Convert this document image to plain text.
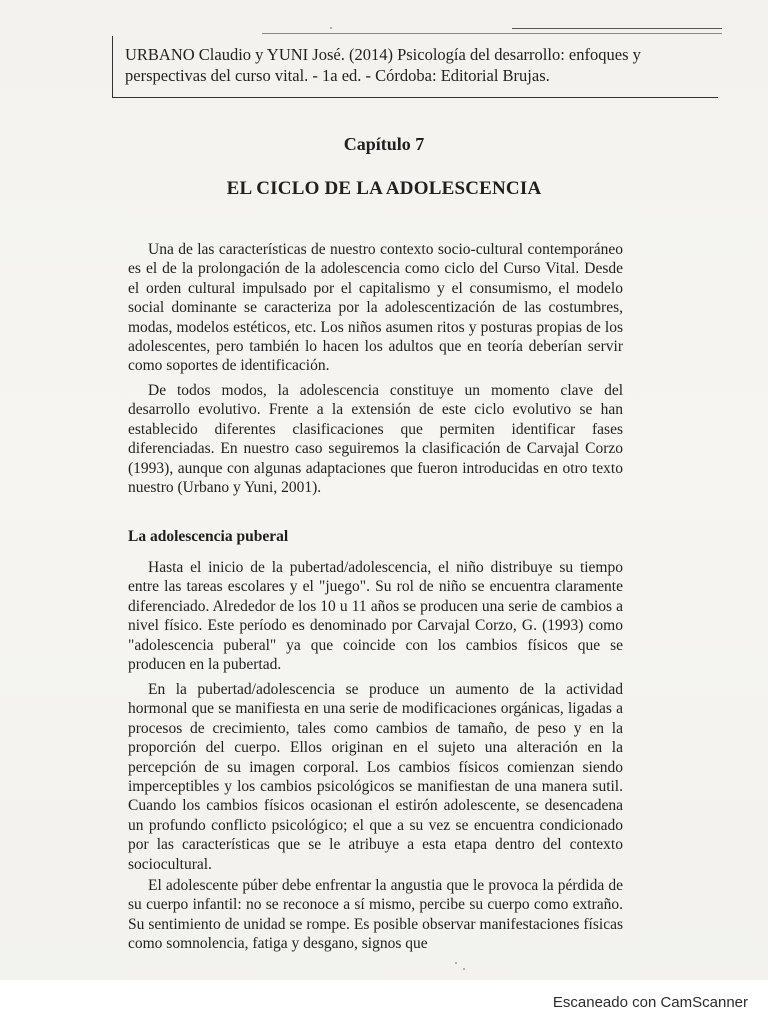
URBANO Claudio y YUNI José. (2014) Psicología del desarrollo: enfoques y perspectivas del curso vital. - 1a ed. - Córdoba: Editorial Brujas.
Capítulo 7
EL CICLO DE LA ADOLESCENCIA

Una de las características de nuestro contexto socio-cultural contemporáneo es el de la prolongación de la adolescencia como ciclo del Curso Vital. Desde el orden cultural impulsado por el capitalismo y el consumismo, el modelo social dominante se caracteriza por la adolescentización de las costumbres, modas, modelos estéticos, etc. Los niños asumen ritos y posturas propias de los adolescentes, pero también lo hacen los adultos que en teoría deberían servir como soportes de identificación.

De todos modos, la adolescencia constituye un momento clave del desarrollo evolutivo. Frente a la extensión de este ciclo evolutivo se han establecido diferentes clasificaciones que permiten identificar fases diferenciadas. En nuestro caso seguiremos la clasificación de Carvajal Corzo (1993), aunque con algunas adaptaciones que fueron introducidas en otro texto nuestro (Urbano y Yuni, 2001).

La adolescencia puberal

Hasta el inicio de la pubertad/adolescencia, el niño distribuye su tiempo entre las tareas escolares y el "juego". Su rol de niño se encuentra claramente diferenciado. Alrededor de los 10 u 11 años se producen una serie de cambios a nivel físico. Este período es denominado por Carvajal Corzo, G. (1993) como "adolescencia puberal" ya que coincide con los cambios físicos que se producen en la pubertad.

En la pubertad/adolescencia se produce un aumento de la actividad hormonal que se manifiesta en una serie de modificaciones orgánicas, ligadas a procesos de crecimiento, tales como cambios de tamaño, de peso y en la proporción del cuerpo. Ellos originan en el sujeto una alteración en la percepción de su imagen corporal. Los cambios físicos comienzan siendo imperceptibles y los cambios psicológicos se manifiestan de una manera sutil. Cuando los cambios físicos ocasionan el estirón adolescente, se desencadena un profundo conflicto psicológico; el que a su vez se encuentra condicionado por las características que se le atribuye a esta etapa dentro del contexto sociocultural.

El adolescente púber debe enfrentar la angustia que le provoca la pérdida de su cuerpo infantil: no se reconoce a sí mismo, percibe su cuerpo como extraño. Su sentimiento de unidad se rompe. Es posible observar manifestaciones físicas como somnolencia, fatiga y desgano, signos que

Escaneado con CamScanner
